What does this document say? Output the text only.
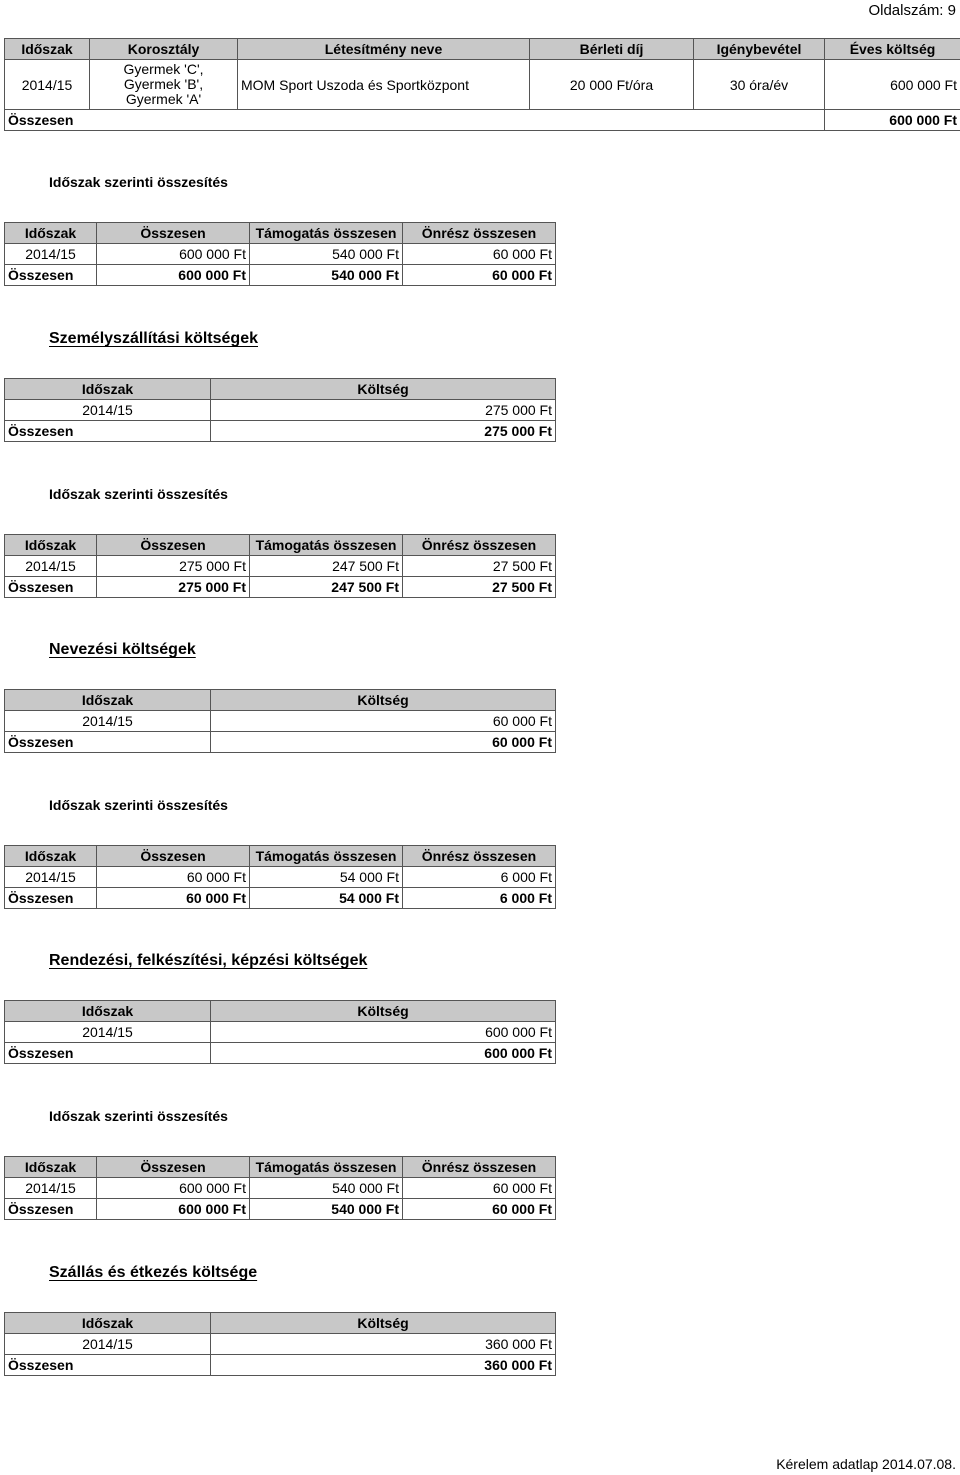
Oldalszám: 9
Időszak	Korosztály	Létesítmény neve	Bérleti díj	Igénybevétel	Éves költség
2014/15	Gyermek 'C',
Gyermek 'B',
Gyermek 'A'	MOM Sport Uszoda és Sportközpont	20 000 Ft/óra	30 óra/év	600 000 Ft
Összesen					600 000 Ft
Időszak szerinti összesítés
Időszak	Összesen	Támogatás összesen	Önrész összesen
2014/15	600 000 Ft	540 000 Ft	60 000 Ft
Összesen	600 000 Ft	540 000 Ft	60 000 Ft
Személyszállítási költségek
Időszak	Költség
2014/15	275 000 Ft
Összesen	275 000 Ft
Időszak szerinti összesítés
Időszak	Összesen	Támogatás összesen	Önrész összesen
2014/15	275 000 Ft	247 500 Ft	27 500 Ft
Összesen	275 000 Ft	247 500 Ft	27 500 Ft
Nevezési költségek
Időszak	Költség
2014/15	60 000 Ft
Összesen	60 000 Ft
Időszak szerinti összesítés
Időszak	Összesen	Támogatás összesen	Önrész összesen
2014/15	60 000 Ft	54 000 Ft	6 000 Ft
Összesen	60 000 Ft	54 000 Ft	6 000 Ft
Rendezési, felkészítési, képzési költségek
Időszak	Költség
2014/15	600 000 Ft
Összesen	600 000 Ft
Időszak szerinti összesítés
Időszak	Összesen	Támogatás összesen	Önrész összesen
2014/15	600 000 Ft	540 000 Ft	60 000 Ft
Összesen	600 000 Ft	540 000 Ft	60 000 Ft
Szállás és étkezés költsége
Időszak	Költség
2014/15	360 000 Ft
Összesen	360 000 Ft
Kérelem adatlap 2014.07.08.
